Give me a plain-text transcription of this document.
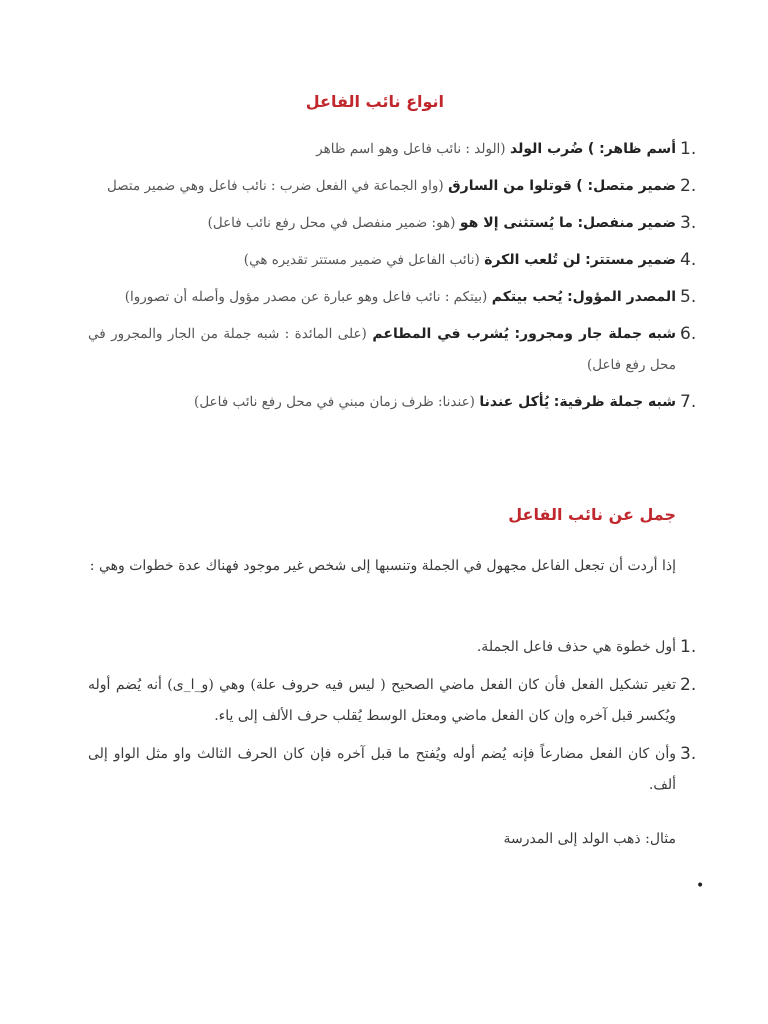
انواع نائب الفاعل
1.
أسم ظاهر: ) ضُرب الولد (الولد : نائب فاعل وهو اسم ظاهر
2.
ضمير متصل: ) قوتلوا من السارق (واو الجماعة في الفعل ضرب : نائب فاعل وهي ضمير متصل
3.
ضمير منفصل: ما يُستثنى إلا هو (هو: ضمير منفصل في محل رفع نائب فاعل)
4.
ضمير مستتر: لن تُلعب الكرة (نائب الفاعل في ضمير مستتر تقديره هي)
5.
المصدر المؤول: يُحب بيتكم (بيتكم : نائب فاعل وهو عبارة عن مصدر مؤول وأصله أن تصوروا)
6.
شبه جملة جار ومجرور: يُشرب في المطاعم (على المائدة : شبه جملة من الجار والمجرور في محل رفع فاعل)
7.
شبه جملة ظرفية: يُأكل عندنا (عندنا: ظرف زمان مبني في محل رفع نائب فاعل)
جمل عن نائب الفاعل
إذا أردت أن تجعل الفاعل مجهول في الجملة وتنسبها إلى شخص غير موجود فهناك عدة خطوات وهي :
1.
أول خطوة هي حذف فاعل الجملة.
2.
تغير تشكيل الفعل فأن كان الفعل ماضي الصحيح ( ليس فيه حروف علة) وهي (و_ا_ى) أنه يُضم أوله ويُكسر قبل آخره وإن كان الفعل ماضي ومعتل الوسط يُقلب حرف الألف إلى ياء.
3.
وأن كان الفعل مضارعاً فإنه يُضم أوله ويُفتح ما قبل آخره فإن كان الحرف الثالث واو مثل الواو إلى ألف.
مثال: ذهب الولد إلى المدرسة
•
